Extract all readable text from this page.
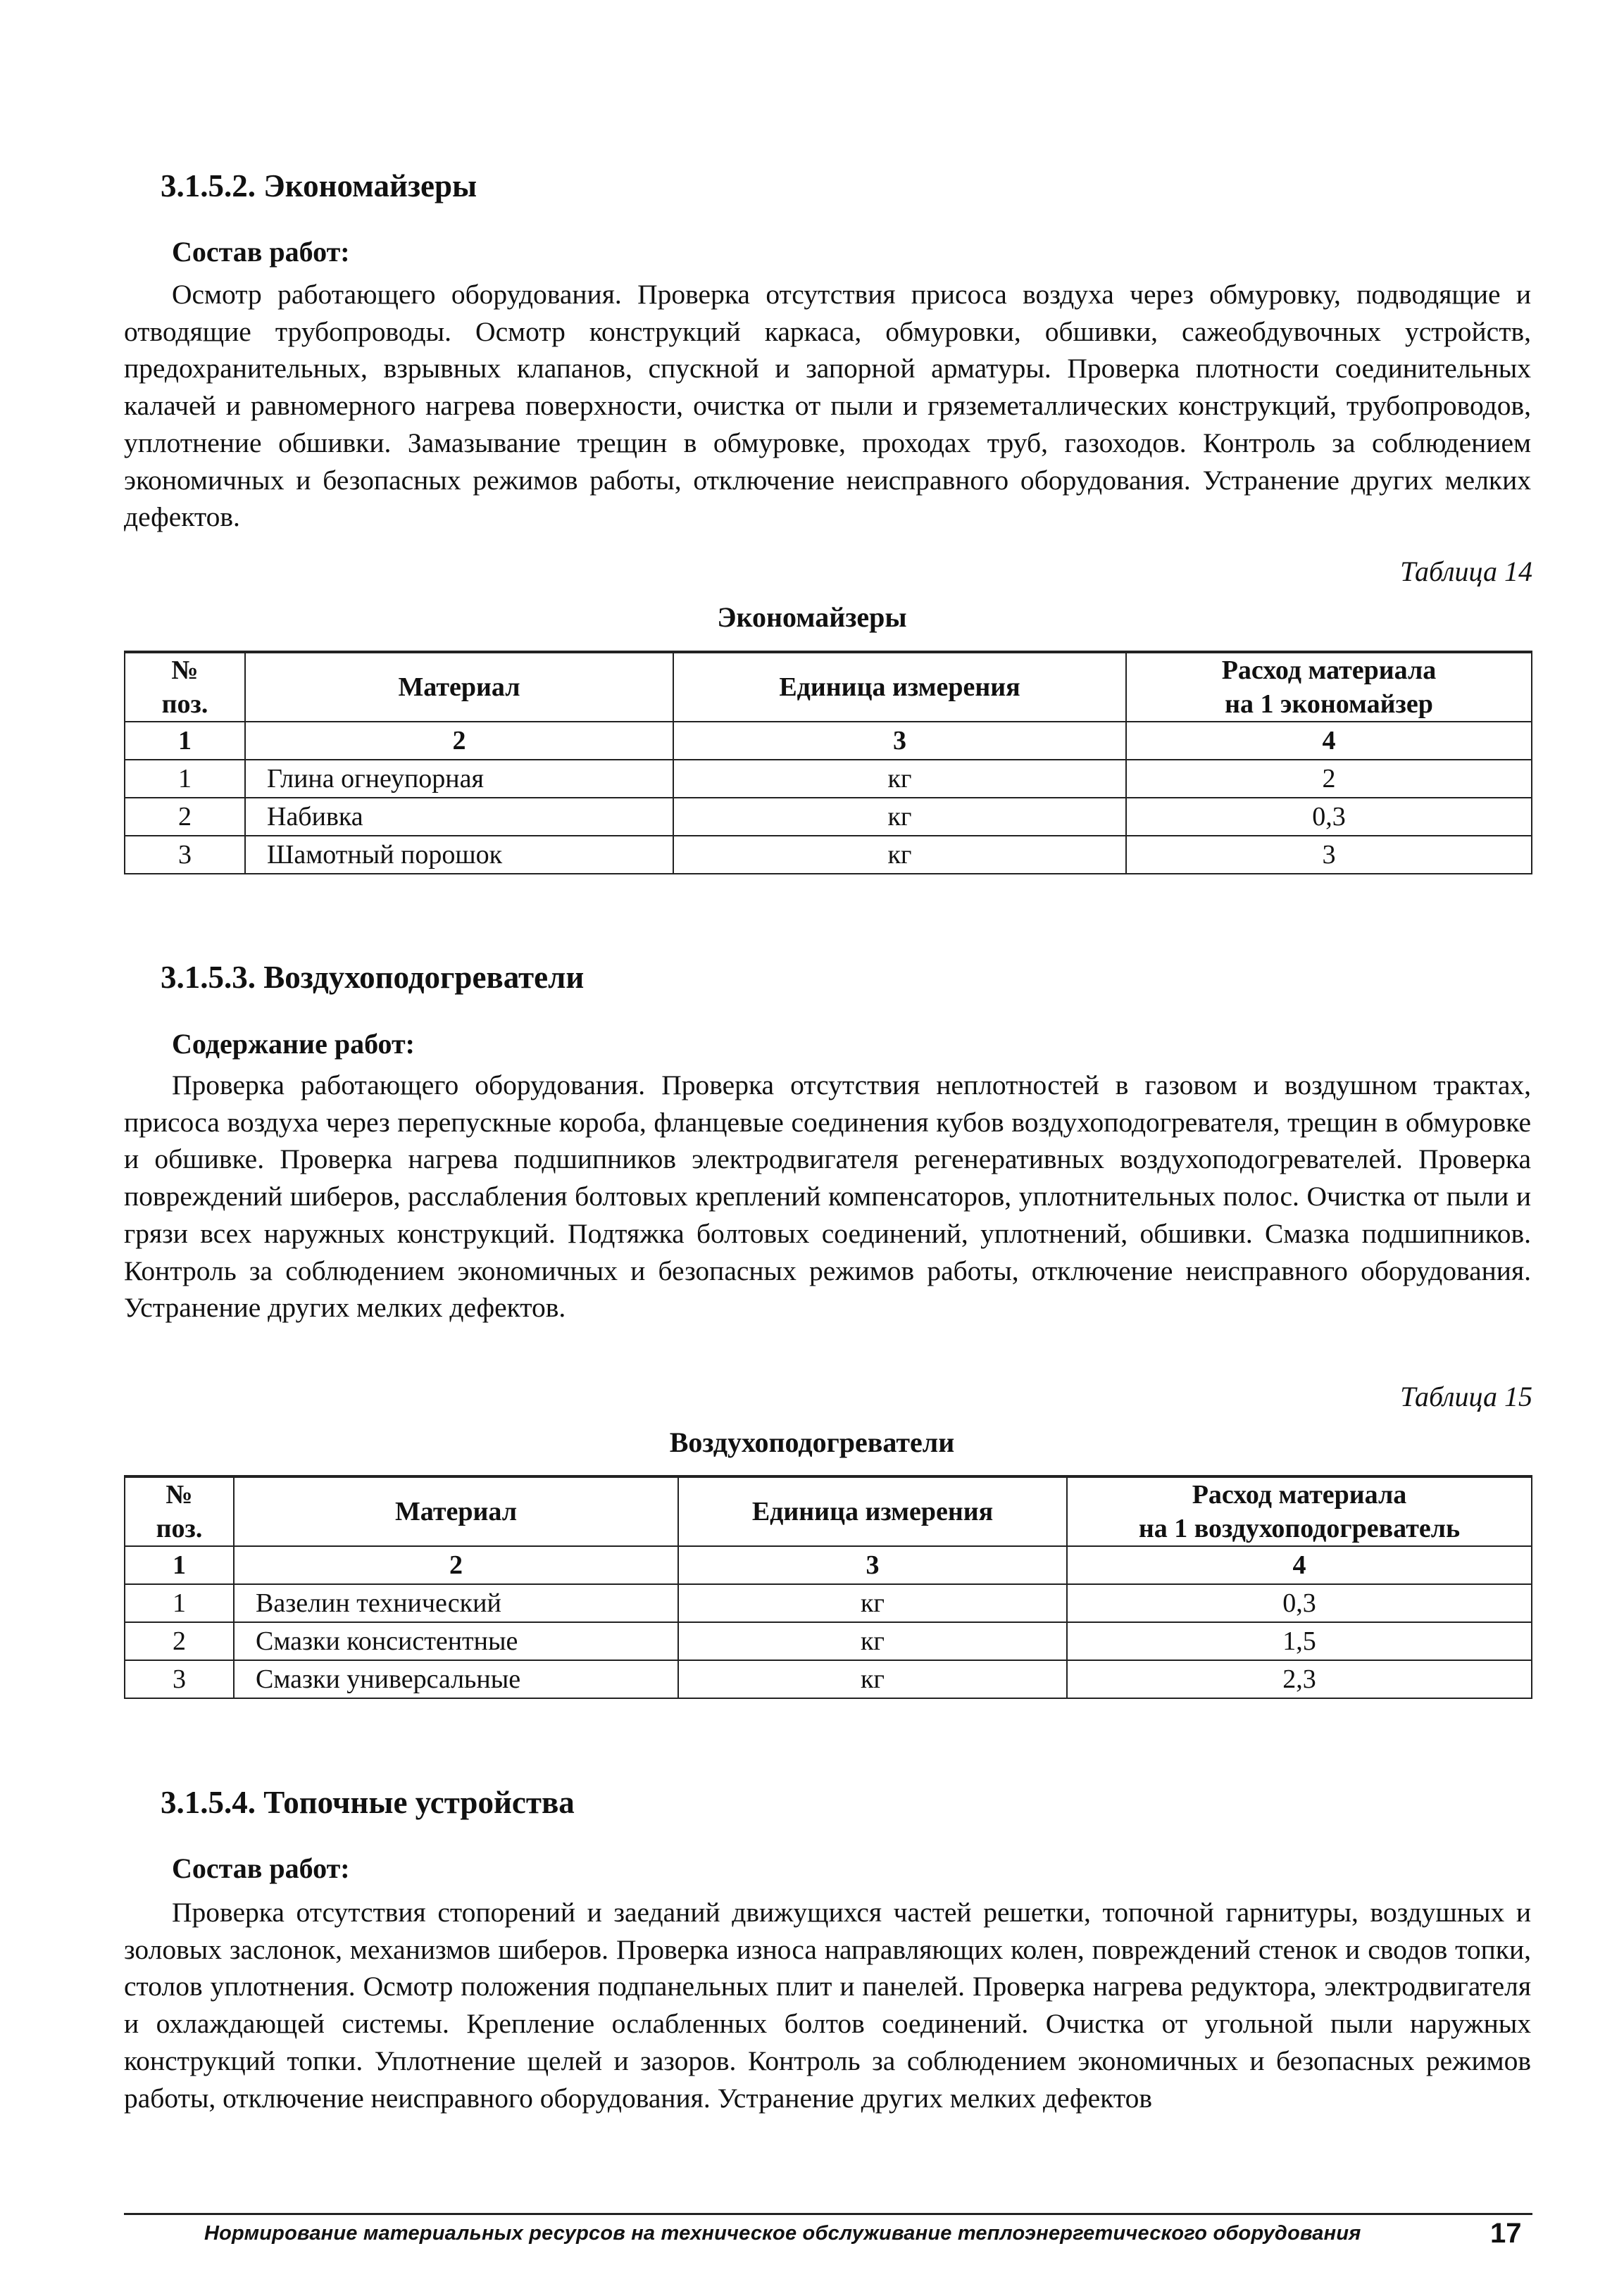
3.1.5.2. Экономайзеры
Состав работ:

Осмотр работающего оборудования. Проверка отсутствия присоса воздуха через обмуровку, подводящие и отводящие трубопроводы. Осмотр конструкций каркаса, обмуровки, обшивки, сажеобдувочных устройств, предохранительных, взрывных клапанов, спускной и запорной арматуры. Проверка плотности соединительных калачей и равномерного нагрева поверхности, очистка от пыли и гряземеталлических конструкций, трубопроводов, уплотнение обшивки. Замазывание трещин в обмуровке, проходах труб, газоходов. Контроль за соблюдением экономичных и безопасных режимов работы, отключение неисправного оборудования. Устранение других мелких дефектов.

Таблица 14

Экономайзеры

№
поз.	Материал	Единица измерения	Расход материала
на 1 экономайзер
1	2	3	4
1	Глина огнеупорная	кг	2
2	Набивка	кг	0,3
3	Шамотный порошок	кг	3
3.1.5.3. Воздухоподогреватели
Содержание работ:

Проверка работающего оборудования. Проверка отсутствия неплотностей в газовом и воздушном трактах, присоса воздуха через перепускные короба, фланцевые соединения кубов воздухоподогревателя, трещин в обмуровке и обшивке. Проверка нагрева подшипников электродвигателя регенеративных воздухоподогревателей. Проверка повреждений шиберов, расслабления болтовых креплений компенсаторов, уплотнительных полос. Очистка от пыли и грязи всех наружных конструкций. Подтяжка болтовых соединений, уплотнений, обшивки. Смазка подшипников. Контроль за соблюдением экономичных и безопасных режимов работы, отключение неисправного оборудования. Устранение других мелких дефектов.

Таблица 15

Воздухоподогреватели

№
поз.	Материал	Единица измерения	Расход материала
на 1 воздухоподогреватель
1	2	3	4
1	Вазелин технический	кг	0,3
2	Смазки консистентные	кг	1,5
3	Смазки универсальные	кг	2,3
3.1.5.4. Топочные устройства
Состав работ:

Проверка отсутствия стопорений и заеданий движущихся частей решетки, топочной гарнитуры, воздушных и золовых заслонок, механизмов шиберов. Проверка износа направляющих колен, повреждений стенок и сводов топки, столов уплотнения. Осмотр положения подпанельных плит и панелей. Проверка нагрева редуктора, электродвигателя и охлаждающей системы. Крепление ослабленных болтов соединений. Очистка от угольной пыли наружных конструкций топки. Уплотнение щелей и зазоров. Контроль за соблюдением экономичных и безопасных режимов работы, отключение неисправного оборудования. Устранение других мелких дефектов

Нормирование материальных ресурсов на техническое обслуживание теплоэнергетического оборудования	17
